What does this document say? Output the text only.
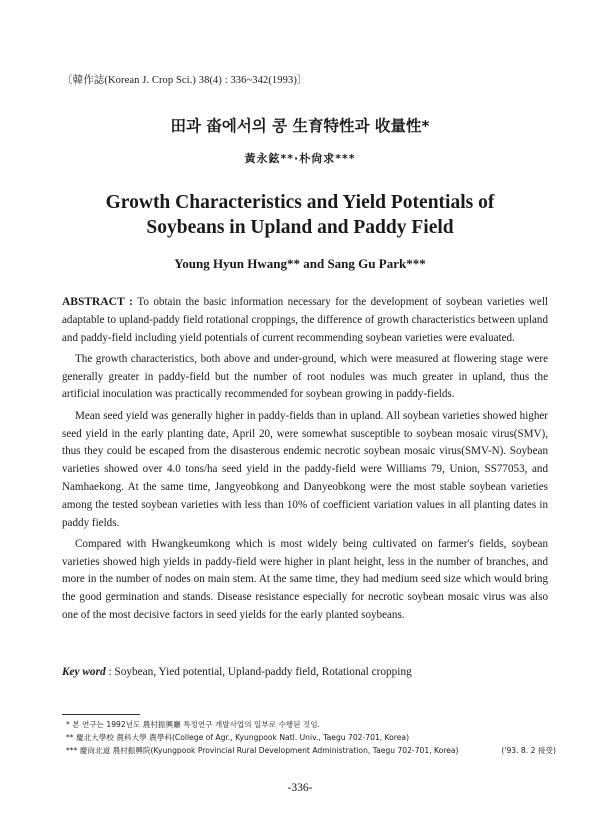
〔韓作誌(Korean J. Crop Sci.) 38(4) : 336~342(1993)〕
田과 畓에서의 콩 生育特性과 收量性*
黃永鉉**·朴尙求***
Growth Characteristics and Yield Potentials of
Soybeans in Upland and Paddy Field
Young Hyun Hwang** and Sang Gu Park***

ABSTRACT : To obtain the basic information necessary for the development of soybean varieties well adaptable to upland-paddy field rotational croppings, the difference of growth characteristics between upland and paddy-field including yield potentials of current recommending soybean varieties were evaluated.

The growth characteristics, both above and under-ground, which were measured at flowering stage were generally greater in paddy-field but the number of root nodules was much greater in upland, thus the artificial inoculation was practically recommended for soybean growing in paddy-fields.

Mean seed yield was generally higher in paddy-fields than in upland. All soybean varieties showed higher seed yield in the early planting date, April 20, were somewhat susceptible to soybean mosaic virus(SMV), thus they could be escaped from the disasterous endemic necrotic soybean mosaic virus(SMV-N). Soybean varieties showed over 4.0 tons/ha seed yield in the paddy-field were Williams 79, Union, SS77053, and Namhaekong. At the same time, Jangyeobkong and Danyeobkong were the most stable soybean varieties among the tested soybean varieties with less than 10% of coefficient variation values in all planting dates in paddy fields.

Compared with Hwangkeumkong which is most widely being cultivated on farmer's fields, soybean varieties showed high yields in paddy-field were higher in plant height, less in the number of branches, and more in the number of nodes on main stem. At the same time, they had medium seed size which would bring the good germination and stands. Disease resistance especially for necrotic soybean mosaic virus was also one of the most decisive factors in seed yields for the early planted soybeans.

Key word : Soybean, Yied potential, Upland-paddy field, Rotational cropping
* 본 연구는 1992년도 農村振興廳 특정연구 개발사업의 일부로 수행된 것임.
** 慶北大學校 農科大學 農學科(College of Agr., Kyungpook Natl. Univ., Taegu 702-701, Korea)
*** 慶尙北道 農村振興院(Kyungpook Provincial Rural Development Administration, Taegu 702-701, Korea)	('93. 8. 2 接受)
-336-
